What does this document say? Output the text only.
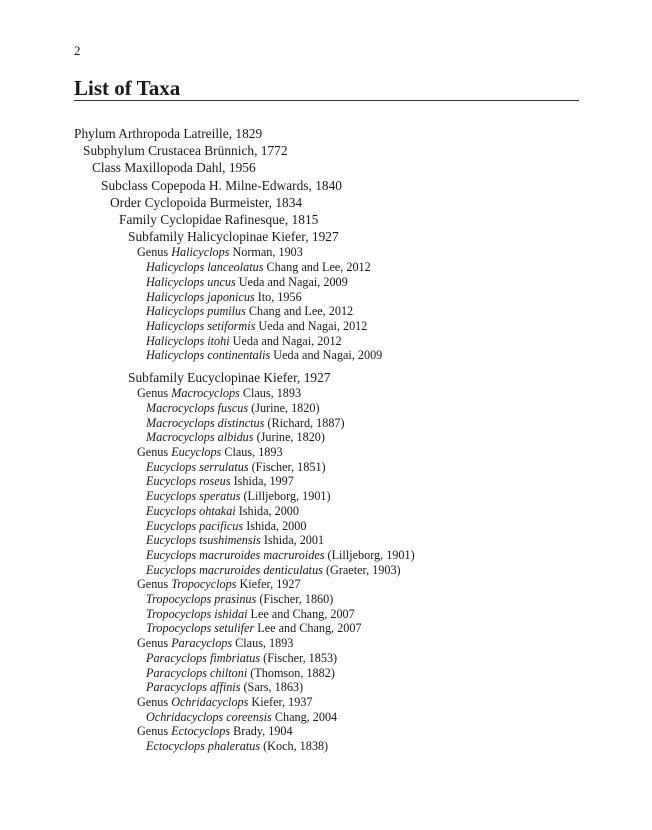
2
List of Taxa
Phylum Arthropoda Latreille, 1829
Subphylum Crustacea Brünnich, 1772
Class Maxillopoda Dahl, 1956
Subclass Copepoda H. Milne-Edwards, 1840
Order Cyclopoida Burmeister, 1834
Family Cyclopidae Rafinesque, 1815
Subfamily Halicyclopinae Kiefer, 1927
Genus Halicyclops Norman, 1903
Halicyclops lanceolatus Chang and Lee, 2012
Halicyclops uncus Ueda and Nagai, 2009
Halicyclops japonicus Ito, 1956
Halicyclops pumilus Chang and Lee, 2012
Halicyclops setiformis Ueda and Nagai, 2012
Halicyclops itohi Ueda and Nagai, 2012
Halicyclops continentalis Ueda and Nagai, 2009
Subfamily Eucyclopinae Kiefer, 1927
Genus Macrocyclops Claus, 1893
Macrocyclops fuscus (Jurine, 1820)
Macrocyclops distinctus (Richard, 1887)
Macrocyclops albidus (Jurine, 1820)
Genus Eucyclops Claus, 1893
Eucyclops serrulatus (Fischer, 1851)
Eucyclops roseus Ishida, 1997
Eucyclops speratus (Lilljeborg, 1901)
Eucyclops ohtakai Ishida, 2000
Eucyclops pacificus Ishida, 2000
Eucyclops tsushimensis Ishida, 2001
Eucyclops macruroides macruroides (Lilljeborg, 1901)
Eucyclops macruroides denticulatus (Graeter, 1903)
Genus Tropocyclops Kiefer, 1927
Tropocyclops prasinus (Fischer, 1860)
Tropocyclops ishidai Lee and Chang, 2007
Tropocyclops setulifer Lee and Chang, 2007
Genus Paracyclops Claus, 1893
Paracyclops fimbriatus (Fischer, 1853)
Paracyclops chiltoni (Thomson, 1882)
Paracyclops affinis (Sars, 1863)
Genus Ochridacyclops Kiefer, 1937
Ochridacyclops coreensis Chang, 2004
Genus Ectocyclops Brady, 1904
Ectocyclops phaleratus (Koch, 1838)
